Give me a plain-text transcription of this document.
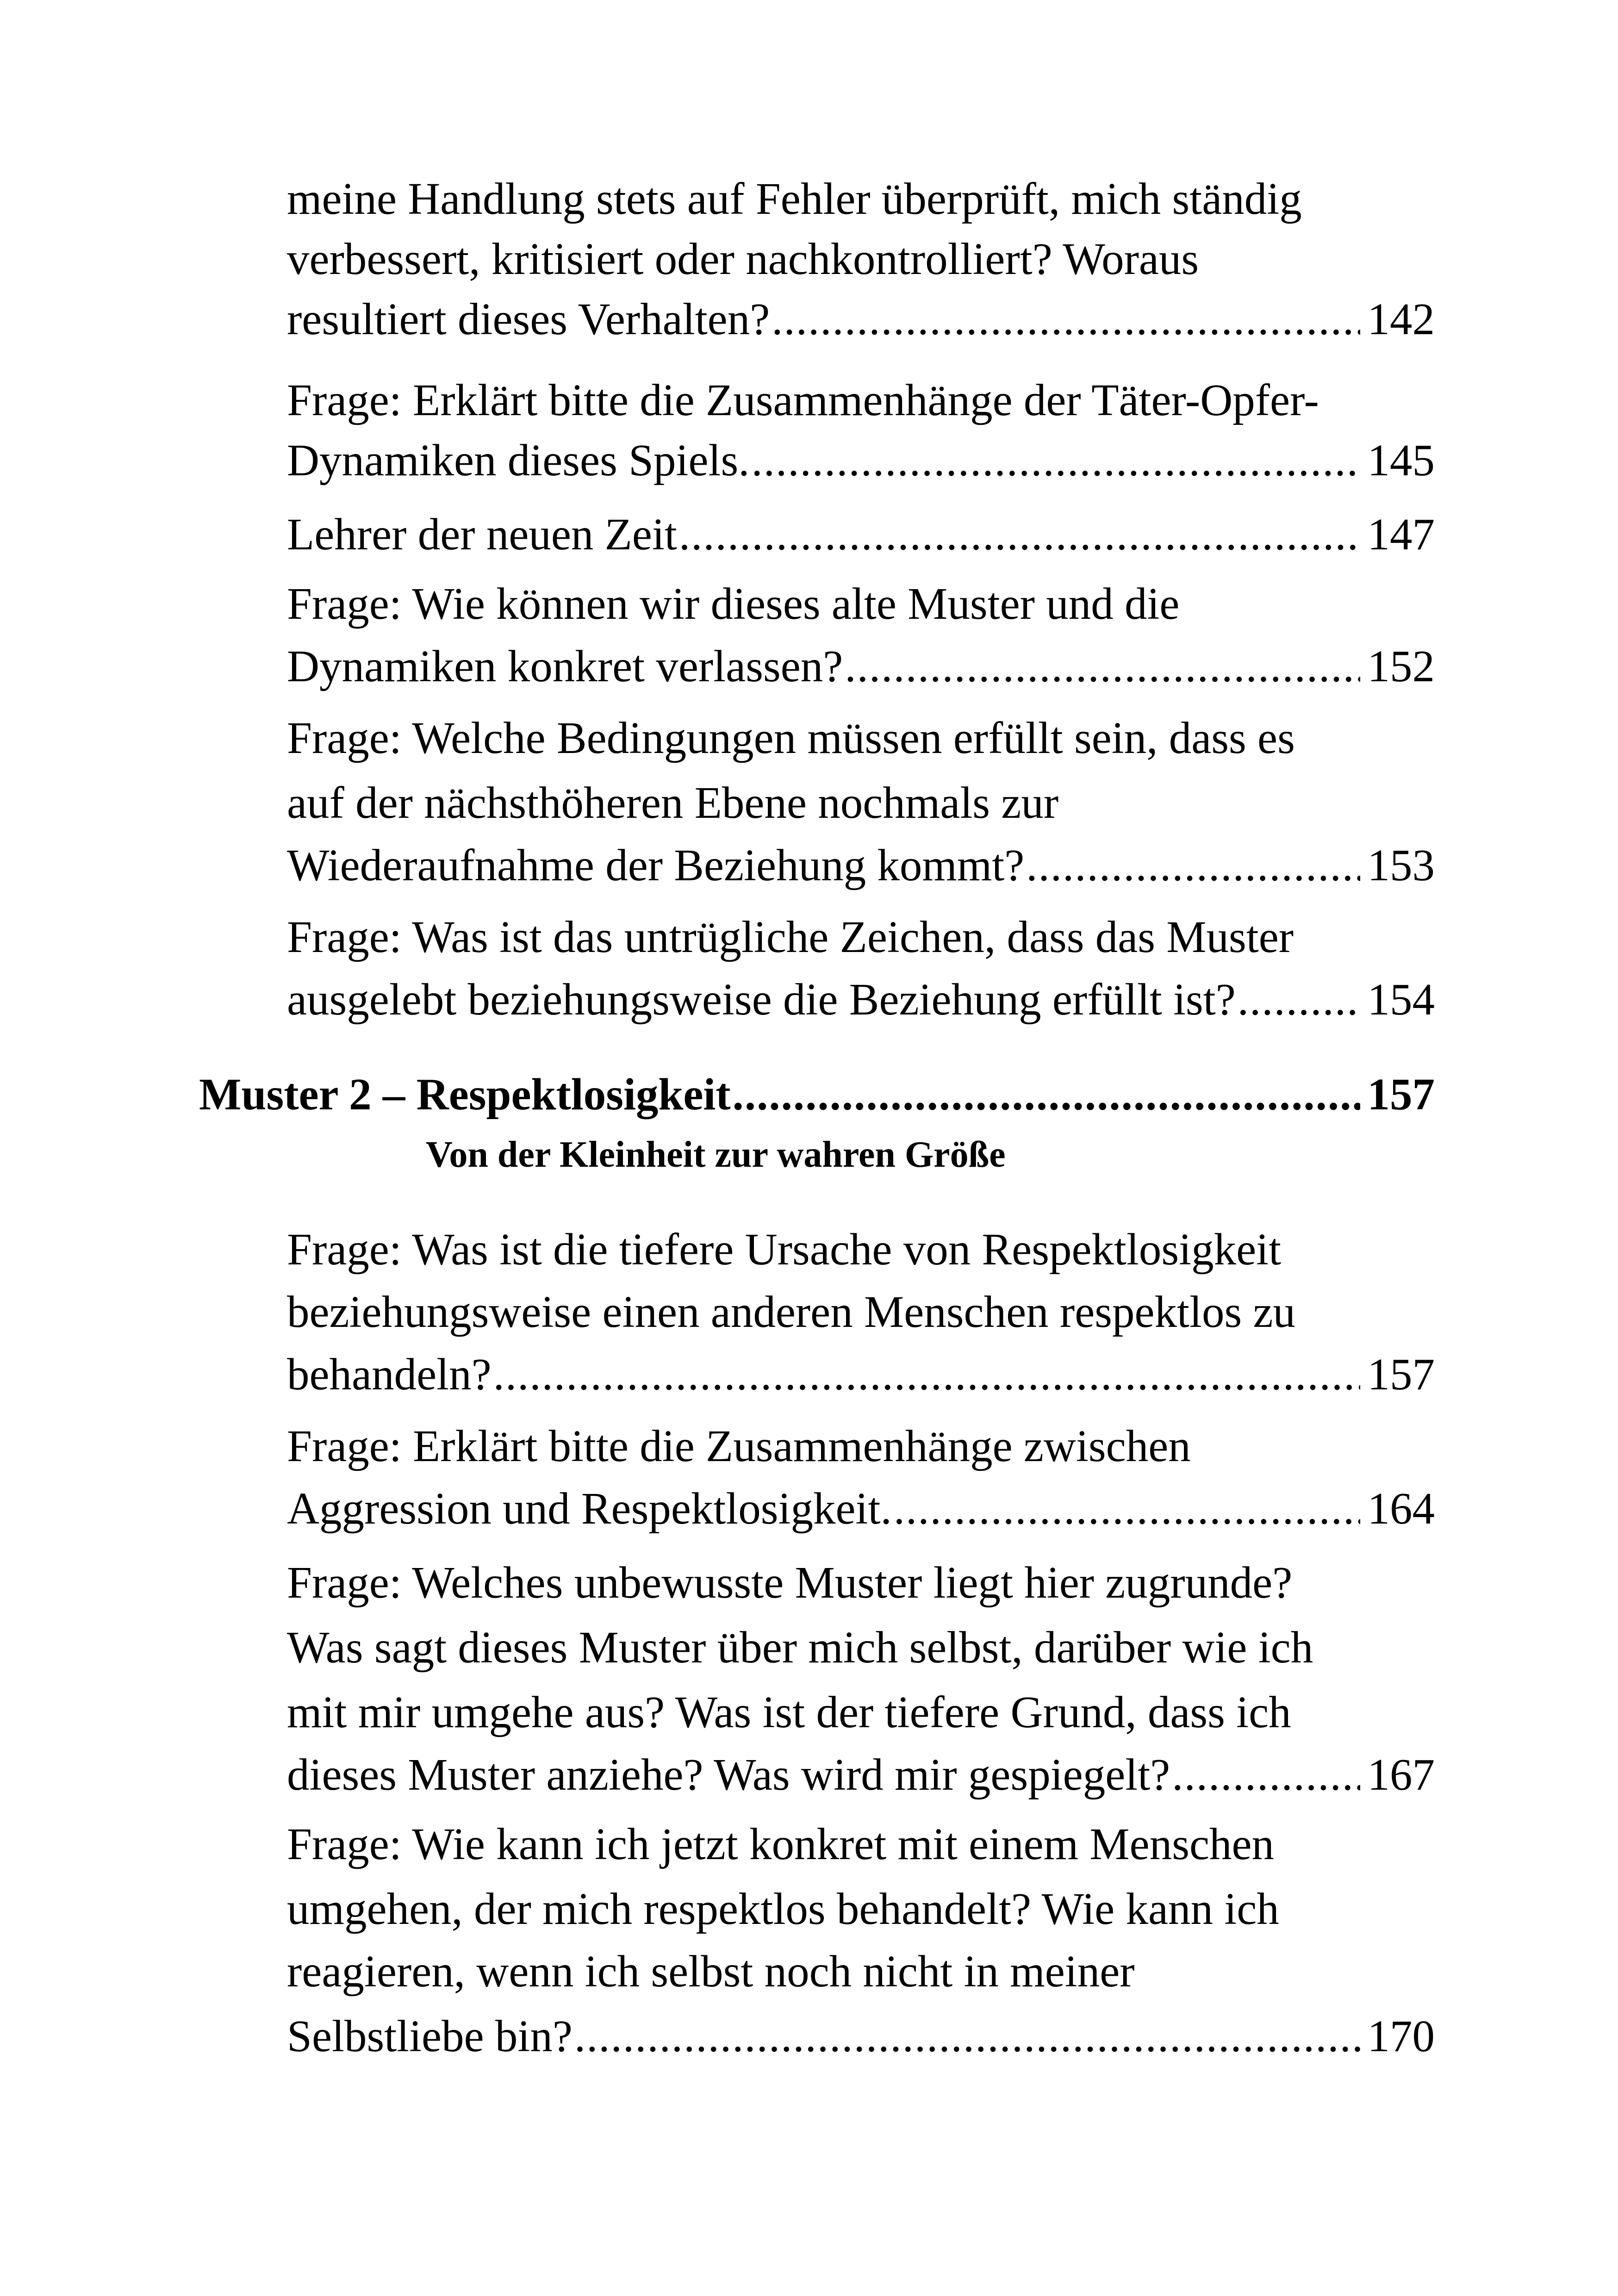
meine Handlung stets auf Fehler überprüft, mich ständig
verbessert, kritisiert oder nachkontrolliert? Woraus
resultiert dieses Verhalten? .....	142
Frage: Erklärt bitte die Zusammenhänge der Täter-Opfer-
Dynamiken dieses Spiels. .....	145
Lehrer der neuen Zeit .....	147
Frage: Wie können wir dieses alte Muster und die
Dynamiken konkret verlassen? .....	152
Frage: Welche Bedingungen müssen erfüllt sein, dass es
auf der nächsthöheren Ebene nochmals zur
Wiederaufnahme der Beziehung kommt? .....	153
Frage: Was ist das untrügliche Zeichen, dass das Muster
ausgelebt beziehungsweise die Beziehung erfüllt ist? .....	154
Muster 2 – Respektlosigkeit .....	157
Von der Kleinheit zur wahren Größe
Frage: Was ist die tiefere Ursache von Respektlosigkeit
beziehungsweise einen anderen Menschen respektlos zu
behandeln? .....	157
Frage: Erklärt bitte die Zusammenhänge zwischen
Aggression und Respektlosigkeit. .....	164
Frage: Welches unbewusste Muster liegt hier zugrunde?
Was sagt dieses Muster über mich selbst, darüber wie ich
mit mir umgehe aus? Was ist der tiefere Grund, dass ich
dieses Muster anziehe? Was wird mir gespiegelt? .....	167
Frage: Wie kann ich jetzt konkret mit einem Menschen
umgehen, der mich respektlos behandelt? Wie kann ich
reagieren, wenn ich selbst noch nicht in meiner
Selbstliebe bin? .....	170
